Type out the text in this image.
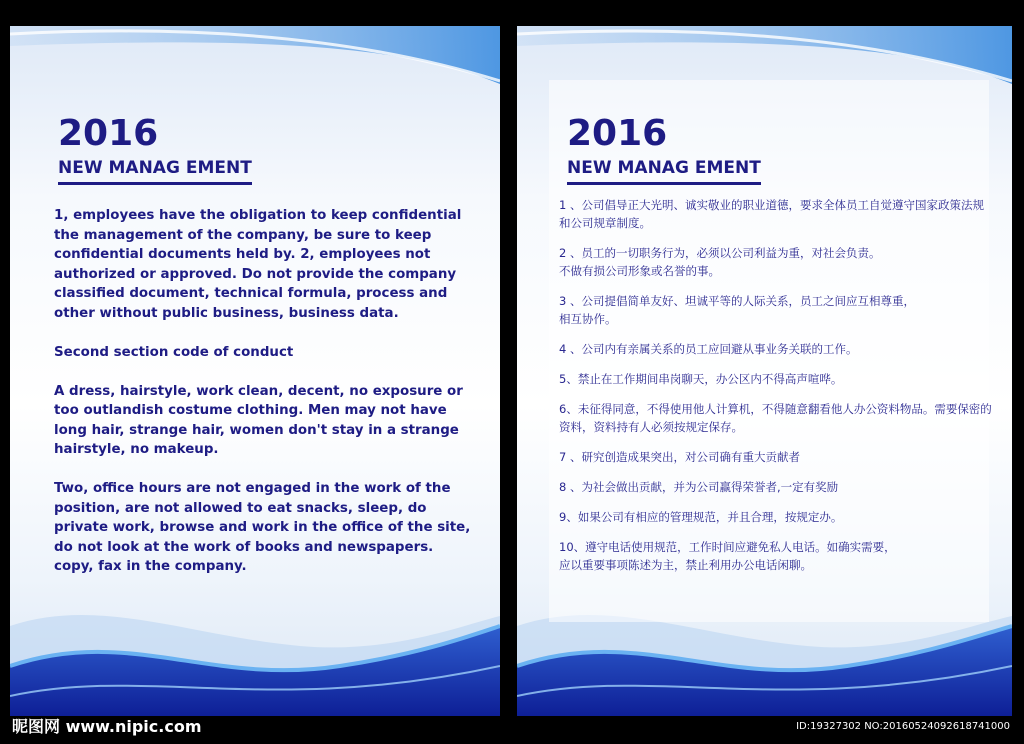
2016
NEW MANAG EMENT

1, employees have the obligation to keep confidential the management of the company, be sure to keep confidential documents held by. 2, employees not authorized or approved. Do not provide the company classified document, technical formula, process and other without public business, business data.

Second section code of conduct

A dress, hairstyle, work clean, decent, no exposure or too outlandish costume clothing. Men may not have long hair, strange hair, women don't stay in a strange hairstyle, no makeup.

Two, office hours are not engaged in the work of the position, are not allowed to eat snacks, sleep, do private work, browse and work in the office of the site, do not look at the work of books and newspapers.
copy, fax in the company.

2016
NEW MANAG EMENT
1 、公司倡导正大光明、诚实敬业的职业道德，要求全体员工自觉遵守国家政策法规和公司规章制度。
2 、员工的一切职务行为，必须以公司利益为重，对社会负责。
不做有损公司形象或名誉的事。
3 、公司提倡简单友好、坦诚平等的人际关系，员工之间应互相尊重，
相互协作。
4 、公司内有亲属关系的员工应回避从事业务关联的工作。
5、禁止在工作期间串岗聊天，办公区内不得高声喧哗。
6、未征得同意，不得使用他人计算机，不得随意翻看他人办公资料物品。需要保密的资料，资料持有人必须按规定保存。
7 、研究创造成果突出，对公司确有重大贡献者
8 、为社会做出贡献，并为公司赢得荣誉者,一定有奖励
9、如果公司有相应的管理规范，并且合理，按规定办。
10、遵守电话使用规范，工作时间应避免私人电话。如确实需要，
应以重要事项陈述为主，禁止利用办公电话闲聊。
昵图网 www.nipic.com	ID:19327302 NO:20160524092618741000
